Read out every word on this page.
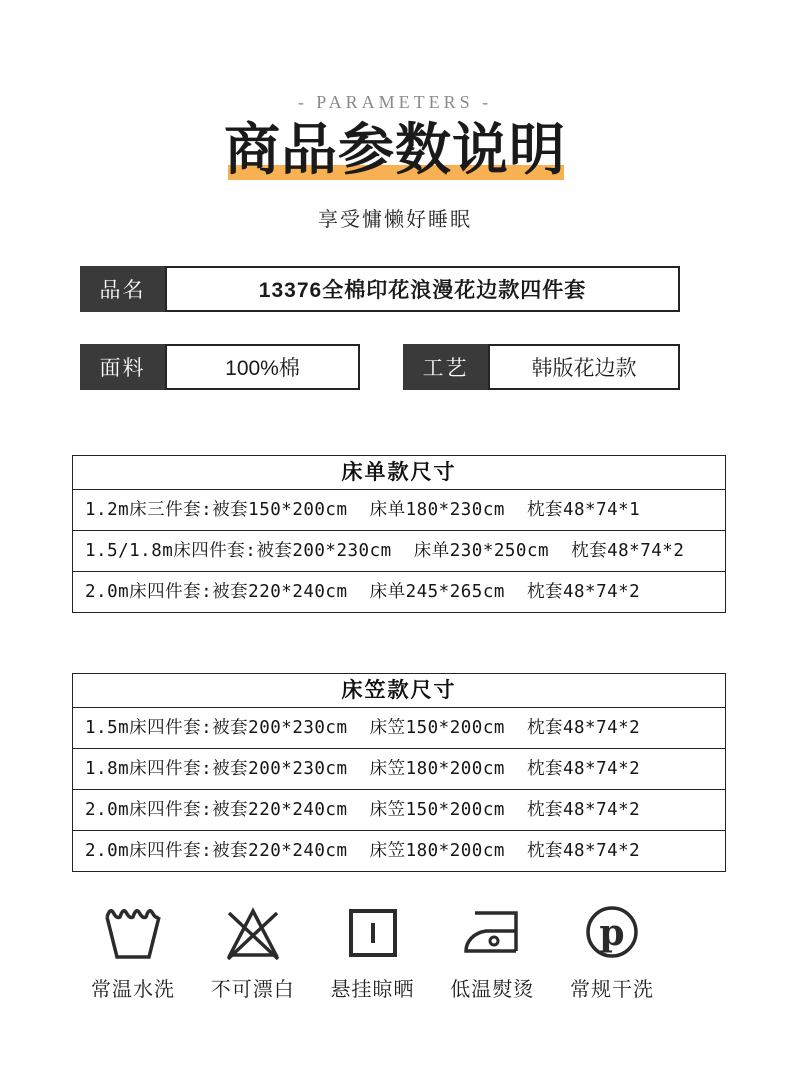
- PARAMETERS -
商品参数说明
享受慵懒好睡眠
品名	13376全棉印花浪漫花边款四件套
面料	100%棉	工艺	韩版花边款
床单款尺寸
1.2m床三件套:被套150*200cm  床单180*230cm  枕套48*74*1
1.5/1.8m床四件套:被套200*230cm  床单230*250cm  枕套48*74*2
2.0m床四件套:被套220*240cm  床单245*265cm  枕套48*74*2
床笠款尺寸
1.5m床四件套:被套200*230cm  床笠150*200cm  枕套48*74*2
1.8m床四件套:被套200*230cm  床笠180*200cm  枕套48*74*2
2.0m床四件套:被套220*240cm  床笠150*200cm  枕套48*74*2
2.0m床四件套:被套220*240cm  床笠180*200cm  枕套48*74*2
常温水洗 不可漂白 悬挂晾晒 低温熨烫
p
常规干洗
